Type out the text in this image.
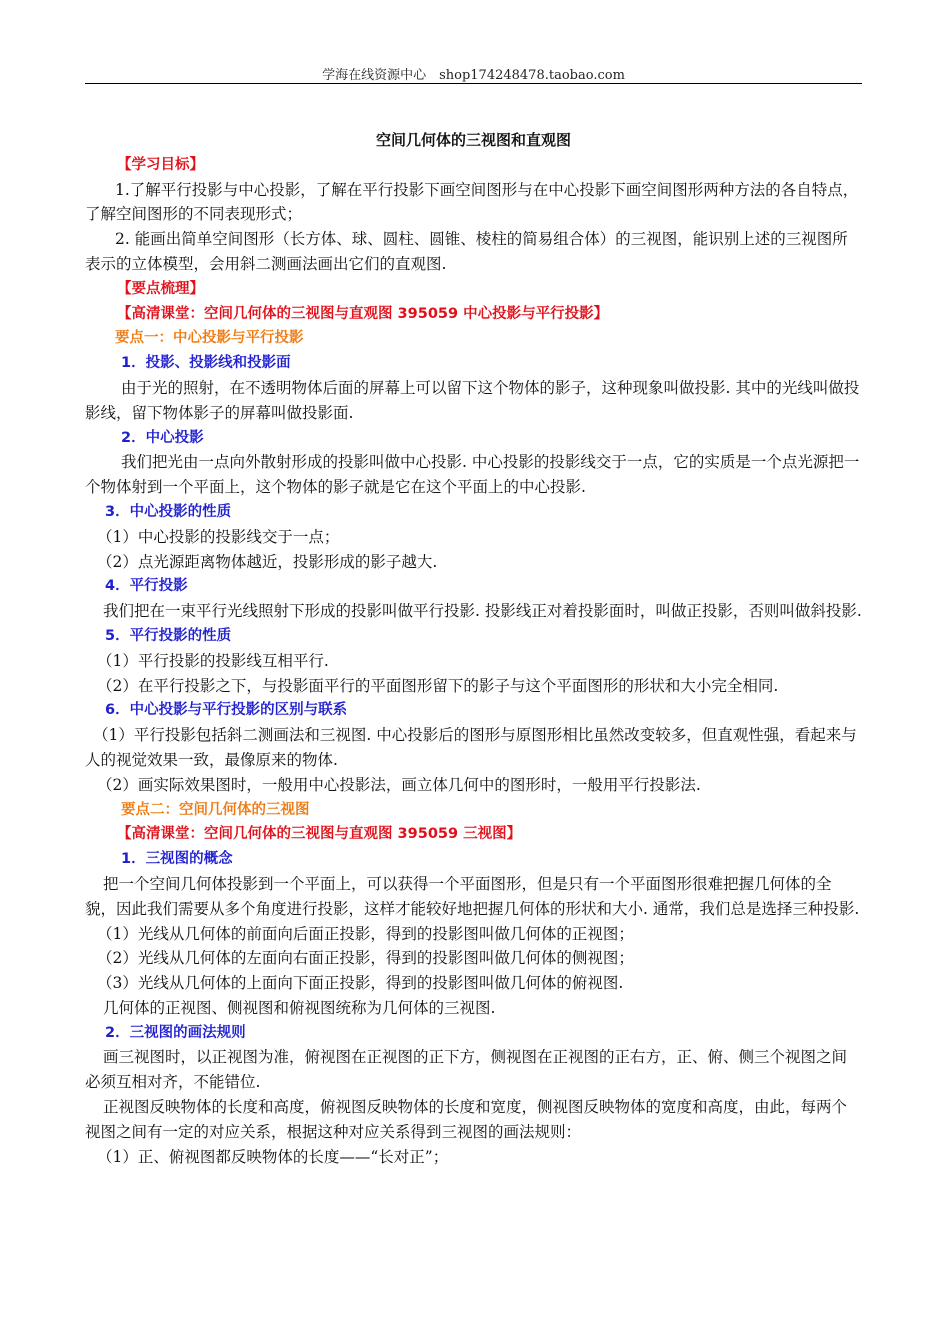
学海在线资源中心　shop174248478.taobao.com

空间几何体的三视图和直观图

【学习目标】

1.了解平行投影与中心投影，了解在平行投影下画空间图形与在中心投影下画空间图形两种方法的各自特点，了解空间图形的不同表现形式；

2. 能画出简单空间图形（长方体、球、圆柱、圆锥、棱柱的简易组合体）的三视图，能识别上述的三视图所表示的立体模型，会用斜二测画法画出它们的直观图.

【要点梳理】

【高清课堂：空间几何体的三视图与直观图 395059 中心投影与平行投影】

要点一：中心投影与平行投影

1．投影、投影线和投影面

由于光的照射，在不透明物体后面的屏幕上可以留下这个物体的影子，这种现象叫做投影. 其中的光线叫做投影线，留下物体影子的屏幕叫做投影面.

2．中心投影

我们把光由一点向外散射形成的投影叫做中心投影. 中心投影的投影线交于一点，它的实质是一个点光源把一个物体射到一个平面上，这个物体的影子就是它在这个平面上的中心投影.

3．中心投影的性质

（1）中心投影的投影线交于一点；

（2）点光源距离物体越近，投影形成的影子越大.

4．平行投影

我们把在一束平行光线照射下形成的投影叫做平行投影. 投影线正对着投影面时，叫做正投影，否则叫做斜投影.

5．平行投影的性质

（1）平行投影的投影线互相平行.

（2）在平行投影之下，与投影面平行的平面图形留下的影子与这个平面图形的形状和大小完全相同.

6．中心投影与平行投影的区别与联系

（1）平行投影包括斜二测画法和三视图. 中心投影后的图形与原图形相比虽然改变较多，但直观性强，看起来与人的视觉效果一致，最像原来的物体.

（2）画实际效果图时，一般用中心投影法，画立体几何中的图形时，一般用平行投影法.

要点二：空间几何体的三视图

【高清课堂：空间几何体的三视图与直观图 395059 三视图】

1．三视图的概念

把一个空间几何体投影到一个平面上，可以获得一个平面图形，但是只有一个平面图形很难把握几何体的全貌，因此我们需要从多个角度进行投影，这样才能较好地把握几何体的形状和大小. 通常，我们总是选择三种投影.

（1）光线从几何体的前面向后面正投影，得到的投影图叫做几何体的正视图；

（2）光线从几何体的左面向右面正投影，得到的投影图叫做几何体的侧视图；

（3）光线从几何体的上面向下面正投影，得到的投影图叫做几何体的俯视图.

几何体的正视图、侧视图和俯视图统称为几何体的三视图.

2．三视图的画法规则

画三视图时，以正视图为准，俯视图在正视图的正下方，侧视图在正视图的正右方，正、俯、侧三个视图之间必须互相对齐，不能错位.

正视图反映物体的长度和高度，俯视图反映物体的长度和宽度，侧视图反映物体的宽度和高度，由此，每两个视图之间有一定的对应关系，根据这种对应关系得到三视图的画法规则：

（1）正、俯视图都反映物体的长度——“长对正”；
